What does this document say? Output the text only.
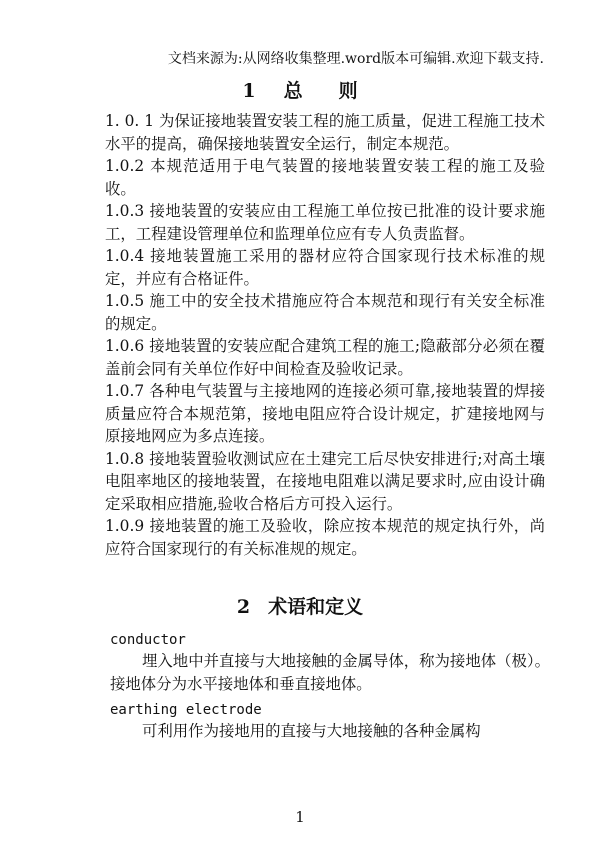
文档来源为:从网络收集整理.word版本可编辑.欢迎下载支持.
1 总 则
1. 0. 1 为保证接地装置安装工程的施工质量，促进工程施工技术水平的提高，确保接地装置安全运行，制定本规范。
1.0.2 本规范适用于电气装置的接地装置安装工程的施工及验收。
1.0.3 接地装置的安装应由工程施工单位按已批准的设计要求施工，工程建设管理单位和监理单位应有专人负责监督。
1.0.4 接地装置施工采用的器材应符合国家现行技术标准的规定，并应有合格证件。
1.0.5 施工中的安全技术措施应符合本规范和现行有关安全标准的规定。
1.0.6 接地装置的安装应配合建筑工程的施工;隐蔽部分必须在覆盖前会同有关单位作好中间检查及验收记录。
1.0.7 各种电气装置与主接地网的连接必须可靠,接地装置的焊接质量应符合本规范第，接地电阻应符合设计规定，扩建接地网与原接地网应为多点连接。
1.0.8 接地装置验收测试应在土建完工后尽快安排进行;对高土壤电阻率地区的接地装置，在接地电阻难以满足要求时,应由设计确定采取相应措施,验收合格后方可投入运行。
1.0.9 接地装置的施工及验收，除应按本规范的规定执行外，尚应符合国家现行的有关标准规的规定。
2 术语和定义
conductor
埋入地中并直接与大地接触的金属导体，称为接地体（极）。接地体分为水平接地体和垂直接地体。
earthing electrode
可利用作为接地用的直接与大地接触的各种金属构
1
